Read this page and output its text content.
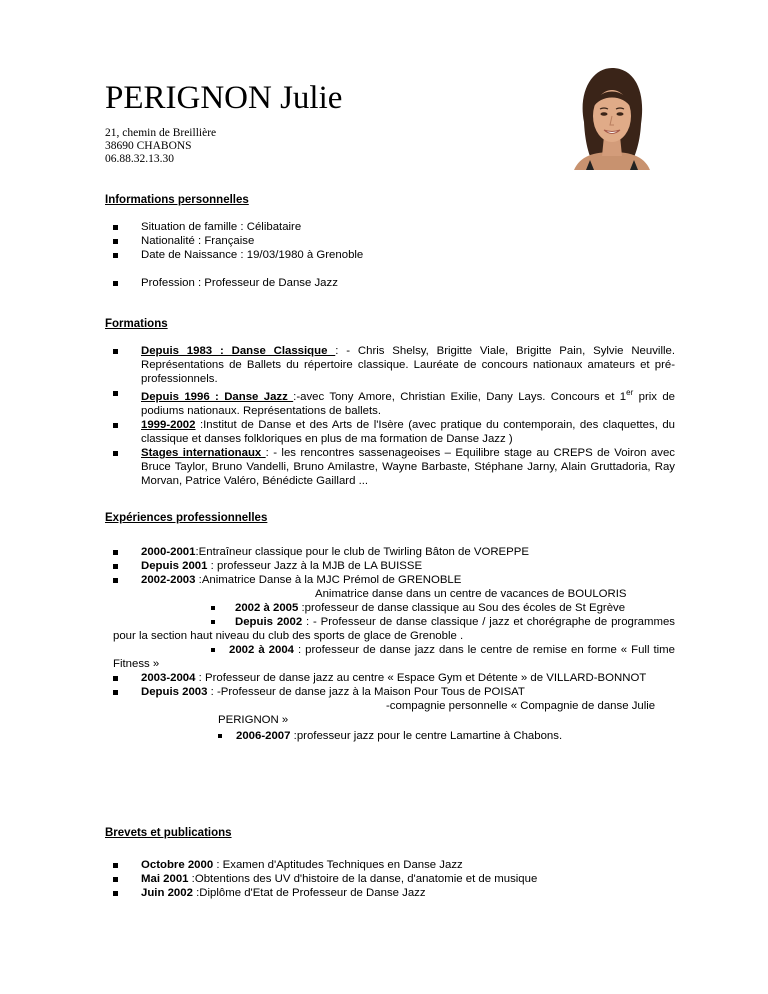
PERIGNON Julie
21, chemin de Breillière
38690 CHABONS
06.88.32.13.30
Informations personnelles
Situation de famille : Célibataire
Nationalité : Française
Date de Naissance : 19/03/1980 à Grenoble
Profession : Professeur de Danse Jazz
Formations
Depuis 1983 : Danse Classique : - Chris Shelsy, Brigitte Viale, Brigitte Pain, Sylvie Neuville. Représentations de Ballets du répertoire classique. Lauréate de concours nationaux amateurs et pré-professionnels.
Depuis 1996 : Danse Jazz :-avec Tony Amore, Christian Exilie, Dany Lays. Concours et 1er prix de podiums nationaux. Représentations de ballets.
1999-2002 :Institut de Danse et des Arts de l'Isère (avec pratique du contemporain, des claquettes, du classique et danses folkloriques en plus de ma formation de Danse Jazz )
Stages internationaux : - les rencontres sassenageoises – Equilibre stage au CREPS de Voiron avec Bruce Taylor, Bruno Vandelli, Bruno Amilastre, Wayne Barbaste, Stéphane Jarny, Alain Gruttadoria, Ray Morvan, Patrice Valéro, Bénédicte Gaillard ...
Expériences professionnelles
2000-2001:Entraîneur classique pour le club de Twirling Bâton de VOREPPE
Depuis 2001 : professeur Jazz à la MJB de LA BUISSE
2002-2003 :Animatrice Danse à la MJC Prémol de GRENOBLE
Animatrice danse dans un centre de vacances de BOULORIS
2002 à 2005 :professeur de danse classique au Sou des écoles de St Egrève
Depuis 2002 : - Professeur de danse classique / jazz et chorégraphe de programmes pour la section haut niveau du club des sports de glace de Grenoble .
2002 à 2004 : professeur de danse jazz dans le centre de remise en forme « Full time Fitness »
2003-2004 : Professeur de danse jazz au centre « Espace Gym et Détente » de VILLARD-BONNOT
Depuis 2003 : -Professeur de danse jazz à la Maison Pour Tous de POISAT
-compagnie personnelle « Compagnie de danse Julie
PERIGNON »
2006-2007 :professeur jazz pour le centre Lamartine à Chabons.
Brevets et publications
Octobre 2000 : Examen d'Aptitudes Techniques en Danse Jazz
Mai 2001 :Obtentions des UV d'histoire de la danse, d'anatomie et de musique
Juin 2002 :Diplôme d'Etat de Professeur de Danse Jazz
